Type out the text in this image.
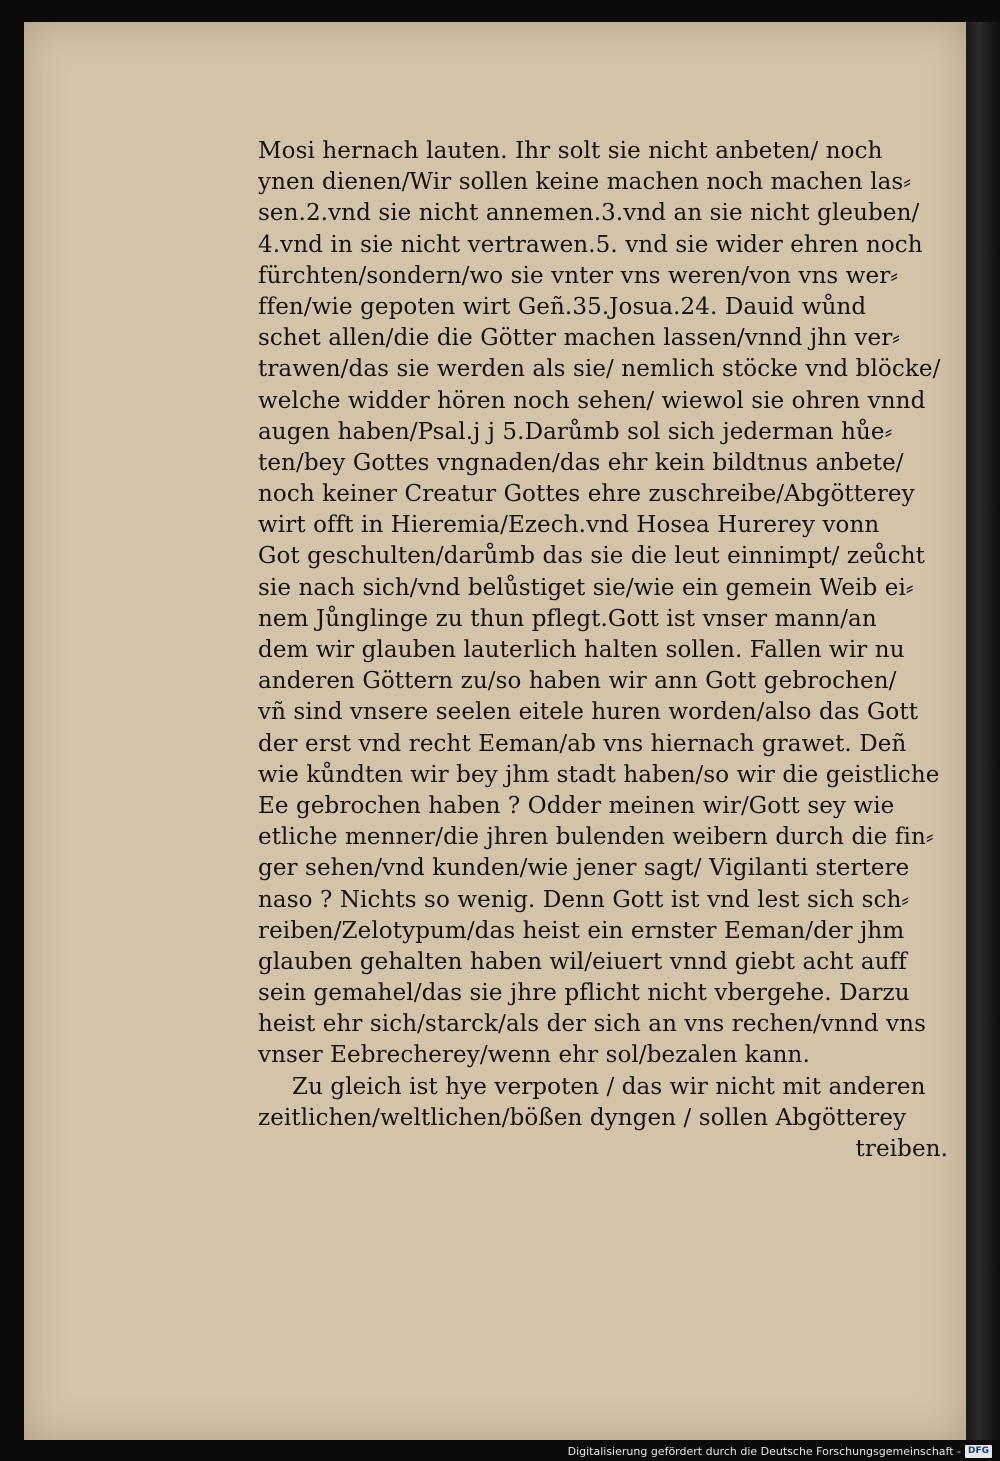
Mosi hernach lauten. Ihr solt sie nicht anbeten/ noch
ynen dienen/Wir sollen keine machen noch machen las⸗
sen.2.vnd sie nicht annemen.3.vnd an sie nicht gleuben/
4.vnd in sie nicht vertrawen.5. vnd sie wider ehren noch
fürchten/sondern/wo sie vnter vns weren/von vns wer⸗
ffen/wie gepoten wirt Geñ.35.Josua.24. Dauid wůnd
schet allen/die die Götter machen lassen/vnnd jhn ver⸗
trawen/das sie werden als sie/ nemlich stöcke vnd blöcke/
welche widder hören noch sehen/ wiewol sie ohren vnnd
augen haben/Psal.j j 5.Darůmb sol sich jederman hůe⸗
ten/bey Gottes vngnaden/das ehr kein bildtnus anbete/
noch keiner Creatur Gottes ehre zuschreibe/Abgötterey
wirt offt in Hieremia/Ezech.vnd Hosea Hurerey vonn
Got geschulten/darůmb das sie die leut einnimpt/ zeůcht
sie nach sich/vnd belůstiget sie/wie ein gemein Weib ei⸗
nem Jůnglinge zu thun pflegt.Gott ist vnser mann/an
dem wir glauben lauterlich halten sollen. Fallen wir nu
anderen Göttern zu/so haben wir ann Gott gebrochen/
vñ sind vnsere seelen eitele huren worden/also das Gott
der erst vnd recht Eeman/ab vns hiernach grawet. Deñ
wie kůndten wir bey jhm stadt haben/so wir die geistliche
Ee gebrochen haben ? Odder meinen wir/Gott sey wie
etliche menner/die jhren bulenden weibern durch die fin⸗
ger sehen/vnd kunden/wie jener sagt/ Vigilanti stertere
naso ? Nichts so wenig. Denn Gott ist vnd lest sich sch⸗
reiben/Zelotypum/das heist ein ernster Eeman/der jhm
glauben gehalten haben wil/eiuert vnnd giebt acht auff
sein gemahel/das sie jhre pflicht nicht vbergehe. Darzu
heist ehr sich/starck/als der sich an vns rechen/vnnd vns
vnser Eebrecherey/wenn ehr sol/bezalen kann.
Zu gleich ist hye verpoten / das wir nicht mit anderen
zeitlichen/weltlichen/bößen dyngen / sollen Abgötterey
treiben.
Digitalisierung gefördert durch die Deutsche Forschungsgemeinschaft - DFG
